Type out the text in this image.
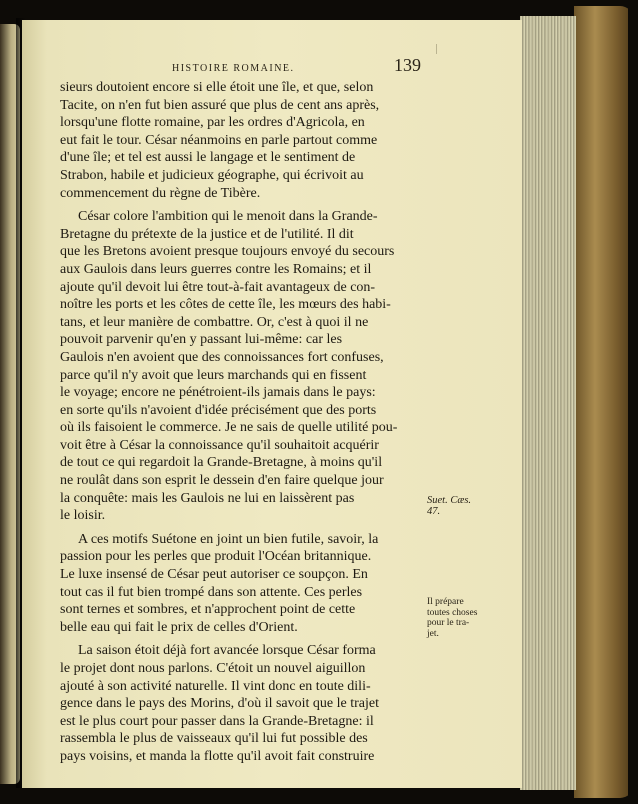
HISTOIRE ROMAINE.	139
sieurs doutoient encore si elle étoit une île, et que, selon
Tacite, on n'en fut bien assuré que plus de cent ans après,
lorsqu'une flotte romaine, par les ordres d'Agricola, en
eut fait le tour. César néanmoins en parle partout comme
d'une île; et tel est aussi le langage et le sentiment de
Strabon, habile et judicieux géographe, qui écrivoit au
commencement du règne de Tibère.
César colore l'ambition qui le menoit dans la Grande-
Bretagne du prétexte de la justice et de l'utilité. Il dit
que les Bretons avoient presque toujours envoyé du secours
aux Gaulois dans leurs guerres contre les Romains; et il
ajoute qu'il devoit lui être tout-à-fait avantageux de con-
noître les ports et les côtes de cette île, les mœurs des habi-
tans, et leur manière de combattre. Or, c'est à quoi il ne
pouvoit parvenir qu'en y passant lui-même: car les
Gaulois n'en avoient que des connoissances fort confuses,
parce qu'il n'y avoit que leurs marchands qui en fissent
le voyage; encore ne pénétroient-ils jamais dans le pays:
en sorte qu'ils n'avoient d'idée précisément que des ports
où ils faisoient le commerce. Je ne sais de quelle utilité pou-
voit être à César la connoissance qu'il souhaitoit acquérir
de tout ce qui regardoit la Grande-Bretagne, à moins qu'il
ne roulât dans son esprit le dessein d'en faire quelque jour
la conquête: mais les Gaulois ne lui en laissèrent pas
le loisir.
A ces motifs Suétone en joint un bien futile, savoir, la
passion pour les perles que produit l'Océan britannique.
Le luxe insensé de César peut autoriser ce soupçon. En
tout cas il fut bien trompé dans son attente. Ces perles
sont ternes et sombres, et n'approchent point de cette
belle eau qui fait le prix de celles d'Orient.
La saison étoit déjà fort avancée lorsque César forma
le projet dont nous parlons. C'étoit un nouvel aiguillon
ajouté à son activité naturelle. Il vint donc en toute dili-
gence dans le pays des Morins, d'où il savoit que le trajet
est le plus court pour passer dans la Grande-Bretagne: il
rassembla le plus de vaisseaux qu'il lui fut possible des
pays voisins, et manda la flotte qu'il avoit fait construire
Suet. Cæs.
47.
Il prépare
toutes choses
pour le tra-
jet.
